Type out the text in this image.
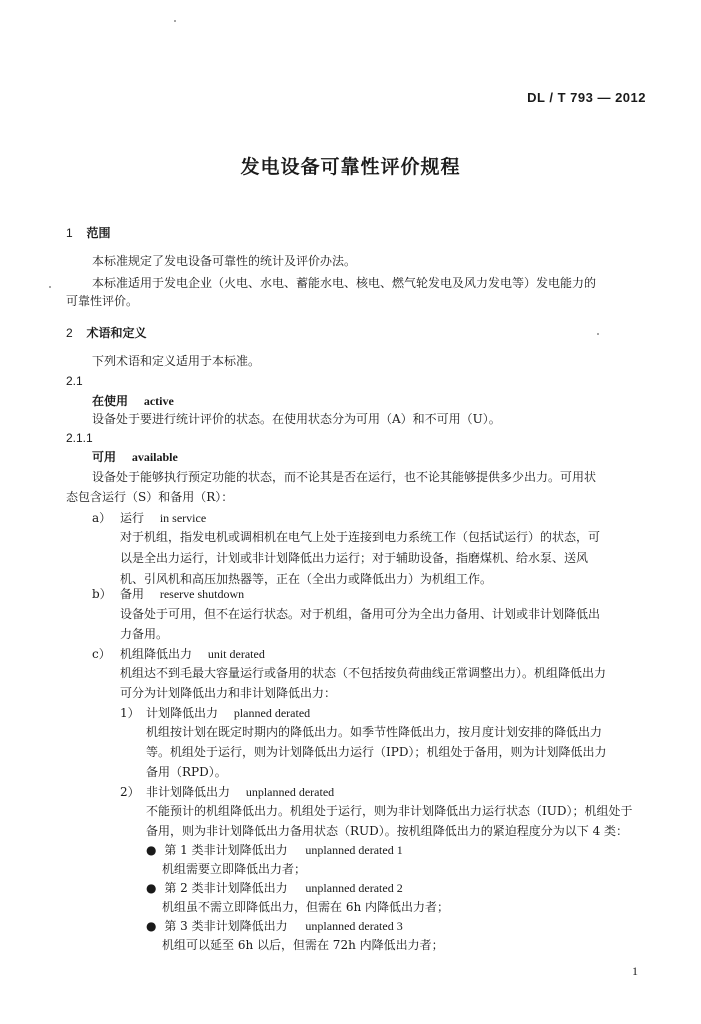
DL / T 793 — 2012
发电设备可靠性评价规程
1 范围
本标准规定了发电设备可靠性的统计及评价办法。
本标准适用于发电企业（火电、水电、蓄能水电、核电、燃气轮发电及风力发电等）发电能力的
可靠性评价。
2 术语和定义
下列术语和定义适用于本标准。
2.1
在使用 active
设备处于要进行统计评价的状态。在使用状态分为可用（A）和不可用（U）。
2.1.1
可用 available
设备处于能够执行预定功能的状态，而不论其是否在运行，也不论其能够提供多少出力。可用状
态包含运行（S）和备用（R）：
a） 运行 in service
对于机组，指发电机或调相机在电气上处于连接到电力系统工作（包括试运行）的状态，可
以是全出力运行，计划或非计划降低出力运行；对于辅助设备，指磨煤机、给水泵、送风
机、引风机和高压加热器等，正在（全出力或降低出力）为机组工作。
b） 备用 reserve shutdown
设备处于可用，但不在运行状态。对于机组，备用可分为全出力备用、计划或非计划降低出
力备用。
c） 机组降低出力 unit derated
机组达不到毛最大容量运行或备用的状态（不包括按负荷曲线正常调整出力）。机组降低出力
可分为计划降低出力和非计划降低出力：
1） 计划降低出力 planned derated
机组按计划在既定时期内的降低出力。如季节性降低出力，按月度计划安排的降低出力
等。机组处于运行，则为计划降低出力运行（IPD）；机组处于备用，则为计划降低出力
备用（RPD）。
2） 非计划降低出力 unplanned derated
不能预计的机组降低出力。机组处于运行，则为非计划降低出力运行状态（IUD）；机组处于
备用，则为非计划降低出力备用状态（RUD）。按机组降低出力的紧迫程度分为以下 4 类：
● 第 1 类非计划降低出力 unplanned derated 1
机组需要立即降低出力者；
● 第 2 类非计划降低出力 unplanned derated 2
机组虽不需立即降低出力，但需在 6h 内降低出力者；
● 第 3 类非计划降低出力 unplanned derated 3
机组可以延至 6h 以后，但需在 72h 内降低出力者；
1
